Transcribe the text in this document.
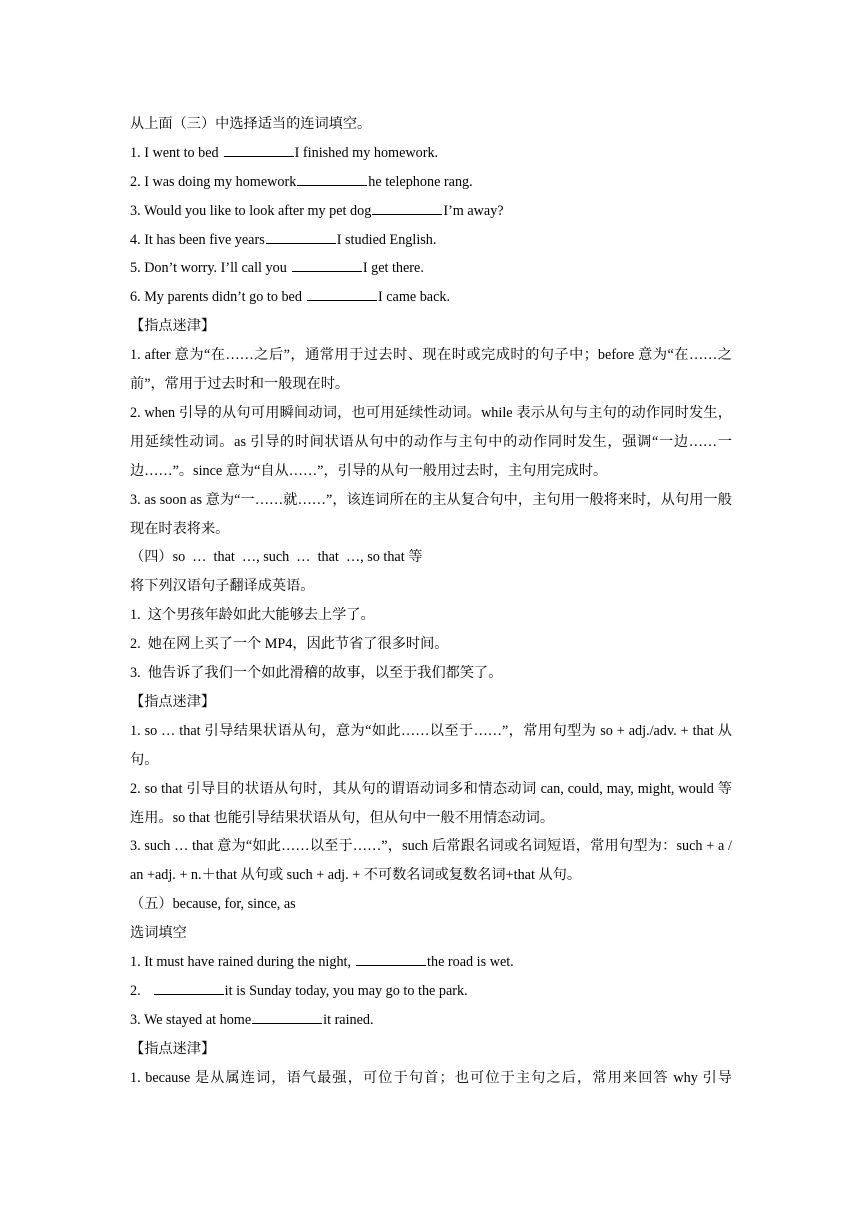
从上面（三）中选择适当的连词填空。
1. I went to bed	I finished my homework.
2. I was doing my homework	he telephone rang.
3. Would you like to look after my pet dog	I’m away?
4. It has been five years	I studied English.
5. Don’t worry. I’ll call you	I get there.
6. My parents didn’t go to bed	I came back.
【指点迷津】
1. after 意为“在……之后”，通常用于过去时、现在时或完成时的句子中；before 意为“在……之前”，常用于过去时和一般现在时。
2. when 引导的从句可用瞬间动词，也可用延续性动词。while 表示从句与主句的动作同时发生，用延续性动词。as 引导的时间状语从句中的动作与主句中的动作同时发生，强调“一边……一边……”。since 意为“自从……”，引导的从句一般用过去时，主句用完成时。
3. as soon as 意为“一……就……”，该连词所在的主从复合句中，主句用一般将来时，从句用一般现在时表将来。
（四）so  …  that  …, such  …  that  …, so that 等
将下列汉语句子翻译成英语。
1.  这个男孩年龄如此大能够去上学了。
2.  她在网上买了一个 MP4，因此节省了很多时间。
3.  他告诉了我们一个如此滑稽的故事，以至于我们都笑了。
【指点迷津】
1. so … that 引导结果状语从句，意为“如此……以至于……”，常用句型为 so + adj./adv. + that 从句。
2. so that 引导目的状语从句时，其从句的谓语动词多和情态动词 can, could, may, might, would 等连用。so that 也能引导结果状语从句，但从句中一般不用情态动词。
3. such … that 意为“如此……以至于……”，such 后常跟名词或名词短语，常用句型为：such + a / an +adj. + n.＋that 从句或 such + adj. + 不可数名词或复数名词+that 从句。
（五）because, for, since, as
选词填空
1. It must have rained during the night,	the road is wet.
2.	it is Sunday today, you may go to the park.
3. We stayed at home	it rained.
【指点迷津】
1. because 是从属连词，语气最强，可位于句首；也可位于主句之后，常用来回答 why 引导
